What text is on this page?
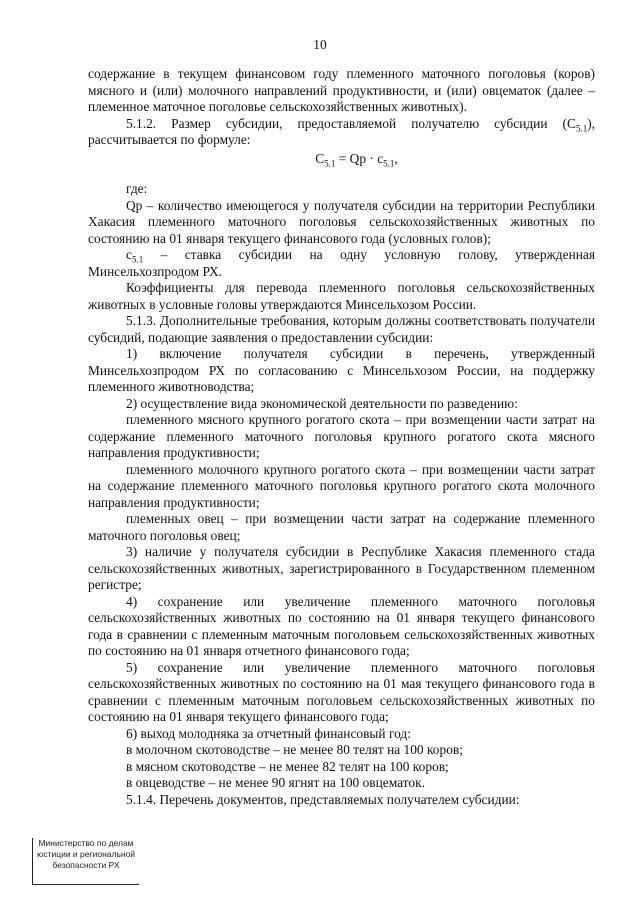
10

содержание в текущем финансовом году племенного маточного поголовья (коров) мясного и (или) молочного направлений продуктивности, и (или) овцематок (далее – племенное маточное поголовье сельскохозяйственных животных).

5.1.2. Размер субсидии, предоставляемой получателю субсидии $(С_{5.1})$, рассчитывается по формуле:

$С_{5.1}$ = Qр · $с_{5.1}$,

где:

Qр – количество имеющегося у получателя субсидии на территории Республики Хакасия племенного маточного поголовья сельскохозяйственных животных по состоянию на 01 января текущего финансового года (условных голов);

$с_{5.1}$ – ставка субсидии на одну условную голову, утвержденная Минсельхозпродом РХ.

Коэффициенты для перевода племенного поголовья сельскохозяйственных животных в условные головы утверждаются Минсельхозом России.

5.1.3. Дополнительные требования, которым должны соответствовать получатели субсидий, подающие заявления о предоставлении субсидии:

1) включение получателя субсидии в перечень, утвержденный Минсельхозпродом РХ по согласованию с Минсельхозом России, на поддержку племенного животноводства;

2) осуществление вида экономической деятельности по разведению:

племенного мясного крупного рогатого скота – при возмещении части затрат на содержание племенного маточного поголовья крупного рогатого скота мясного направления продуктивности;

племенного молочного крупного рогатого скота – при возмещении части затрат на содержание племенного маточного поголовья крупного рогатого скота молочного направления продуктивности;

племенных овец – при возмещении части затрат на содержание племенного маточного поголовья овец;

3) наличие у получателя субсидии в Республике Хакасия племенного стада сельскохозяйственных животных, зарегистрированного в Государственном племенном регистре;

4) сохранение или увеличение племенного маточного поголовья сельскохозяйственных животных по состоянию на 01 января текущего финансового года в сравнении с племенным маточным поголовьем сельскохозяйственных животных по состоянию на 01 января отчетного финансового года;

5) сохранение или увеличение племенного маточного поголовья сельскохозяйственных животных по состоянию на 01 мая текущего финансового года в сравнении с племенным маточным поголовьем сельскохозяйственных животных по состоянию на 01 января текущего финансового года;

6) выход молодняка за отчетный финансовый год:

в молочном скотоводстве – не менее 80 телят на 100 коров;

в мясном скотоводстве – не менее 82 телят на 100 коров;

в овцеводстве – не менее 90 ягнят на 100 овцематок.

5.1.4. Перечень документов, представляемых получателем субсидии:

Министерство по делам
юстиции и региональной
безопасности РХ
